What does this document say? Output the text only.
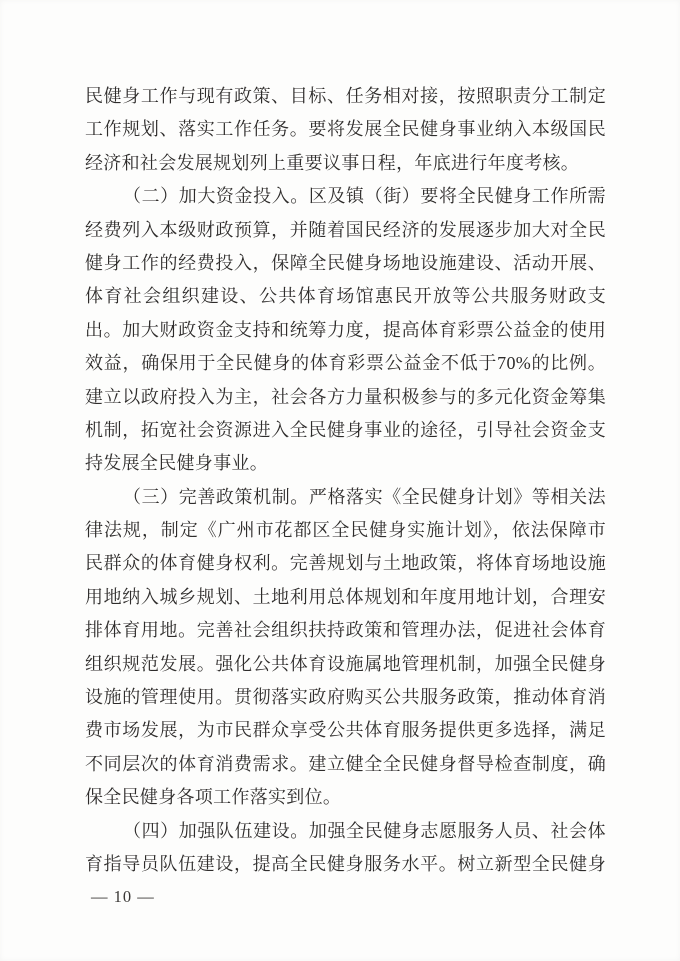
民健身工作与现有政策、目标、任务相对接，按照职责分工制定
工作规划、落实工作任务。要将发展全民健身事业纳入本级国民
经济和社会发展规划列上重要议事日程，年底进行年度考核。
（二）加大资金投入。区及镇（街）要将全民健身工作所需
经费列入本级财政预算，并随着国民经济的发展逐步加大对全民
健身工作的经费投入，保障全民健身场地设施建设、活动开展、
体育社会组织建设、公共体育场馆惠民开放等公共服务财政支
出。加大财政资金支持和统筹力度，提高体育彩票公益金的使用
效益，确保用于全民健身的体育彩票公益金不低于70%的比例。
建立以政府投入为主，社会各方力量积极参与的多元化资金筹集
机制，拓宽社会资源进入全民健身事业的途径，引导社会资金支
持发展全民健身事业。
（三）完善政策机制。严格落实《全民健身计划》等相关法
律法规，制定《广州市花都区全民健身实施计划》，依法保障市
民群众的体育健身权利。完善规划与土地政策，将体育场地设施
用地纳入城乡规划、土地利用总体规划和年度用地计划，合理安
排体育用地。完善社会组织扶持政策和管理办法，促进社会体育
组织规范发展。强化公共体育设施属地管理机制，加强全民健身
设施的管理使用。贯彻落实政府购买公共服务政策，推动体育消
费市场发展，为市民群众享受公共体育服务提供更多选择，满足
不同层次的体育消费需求。建立健全全民健身督导检查制度，确
保全民健身各项工作落实到位。
（四）加强队伍建设。加强全民健身志愿服务人员、社会体
育指导员队伍建设，提高全民健身服务水平。树立新型全民健身
— 10 —
